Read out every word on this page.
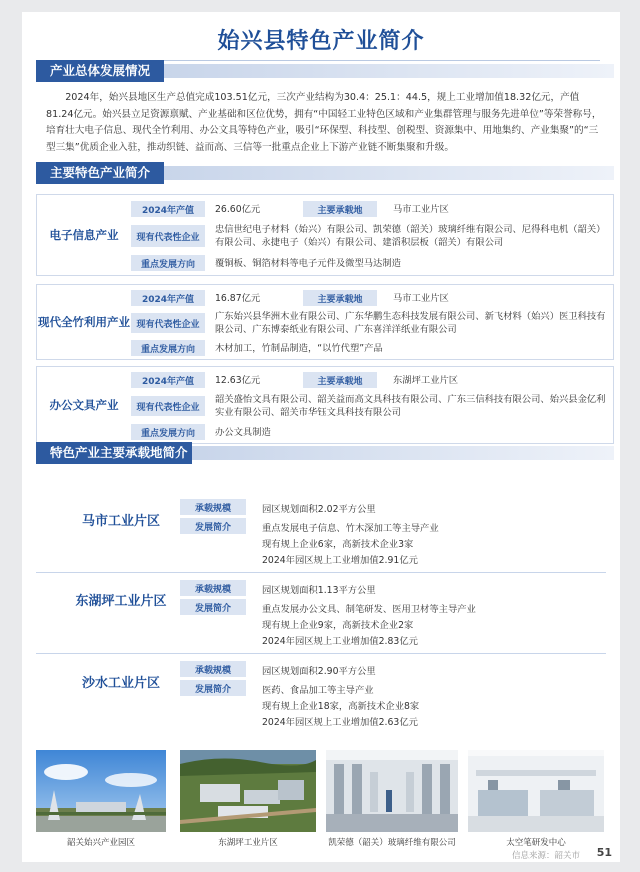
始兴县特色产业简介
产业总体发展情况
2024年，始兴县地区生产总值完成103.51亿元，三次产业结构为30.4：25.1：44.5，规上工业增加值18.32亿元，产值81.24亿元。始兴县立足资源禀赋、产业基础和区位优势，拥有“中国轻工业特色区域和产业集群管理与服务先进单位”等荣誉称号，培育壮大电子信息、现代全竹利用、办公文具等特色产业，吸引“环保型、科技型、创税型、资源集中、用地集约、产业集聚”的“三型三集”优质企业入驻，推动织链、益而高、三信等一批重点企业上下游产业链不断集聚和升级。
主要特色产业简介
电子信息产业
2024年产值	26.60亿元	主要承载地	马市工业片区
现有代表性企业
忠信世纪电子材料（始兴）有限公司、凯荣德（韶关）玻璃纤维有限公司、尼得科电机（韶关）有限公司、永捷电子（始兴）有限公司、建滔积层板（韶关）有限公司
重点发展方向	覆铜板、铜箔材料等电子元件及微型马达制造
现代全竹利用产业
2024年产值	16.87亿元	主要承载地	马市工业片区
现有代表性企业
广东始兴县华洲木业有限公司、广东华鹏生态科技发展有限公司、新飞材料（始兴）医卫科技有限公司、广东博泰纸业有限公司、广东喜洋洋纸业有限公司
重点发展方向	木材加工，竹制品制造，“以竹代塑”产品
办公文具产业
2024年产值	12.63亿元	主要承载地	东湖坪工业片区
现有代表性企业
韶关盛怡文具有限公司、韶关益而高文具科技有限公司、广东三信科技有限公司、始兴县金亿利实业有限公司、韶关市华钰文具科技有限公司
重点发展方向	办公文具制造
特色产业主要承载地简介
马市工业片区
承载规模	园区规划面积2.02平方公里
发展简介	重点发展电子信息、竹木深加工等主导产业
现有规上企业6家，高新技术企业3家
2024年园区规上工业增加值2.91亿元
东湖坪工业片区
承载规模	园区规划面积1.13平方公里
发展简介	重点发展办公文具、制笔研发、医用卫材等主导产业
现有规上企业9家，高新技术企业2家
2024年园区规上工业增加值2.83亿元
沙水工业片区
承载规模	园区规划面积2.90平方公里
发展简介	医药、食品加工等主导产业
现有规上企业18家，高新技术企业8家
2024年园区规上工业增加值2.63亿元
韶关始兴产业园区	东湖坪工业片区	凯荣德（韶关）玻璃纤维有限公司	太空笔研发中心
信息来源：韶关市 51
